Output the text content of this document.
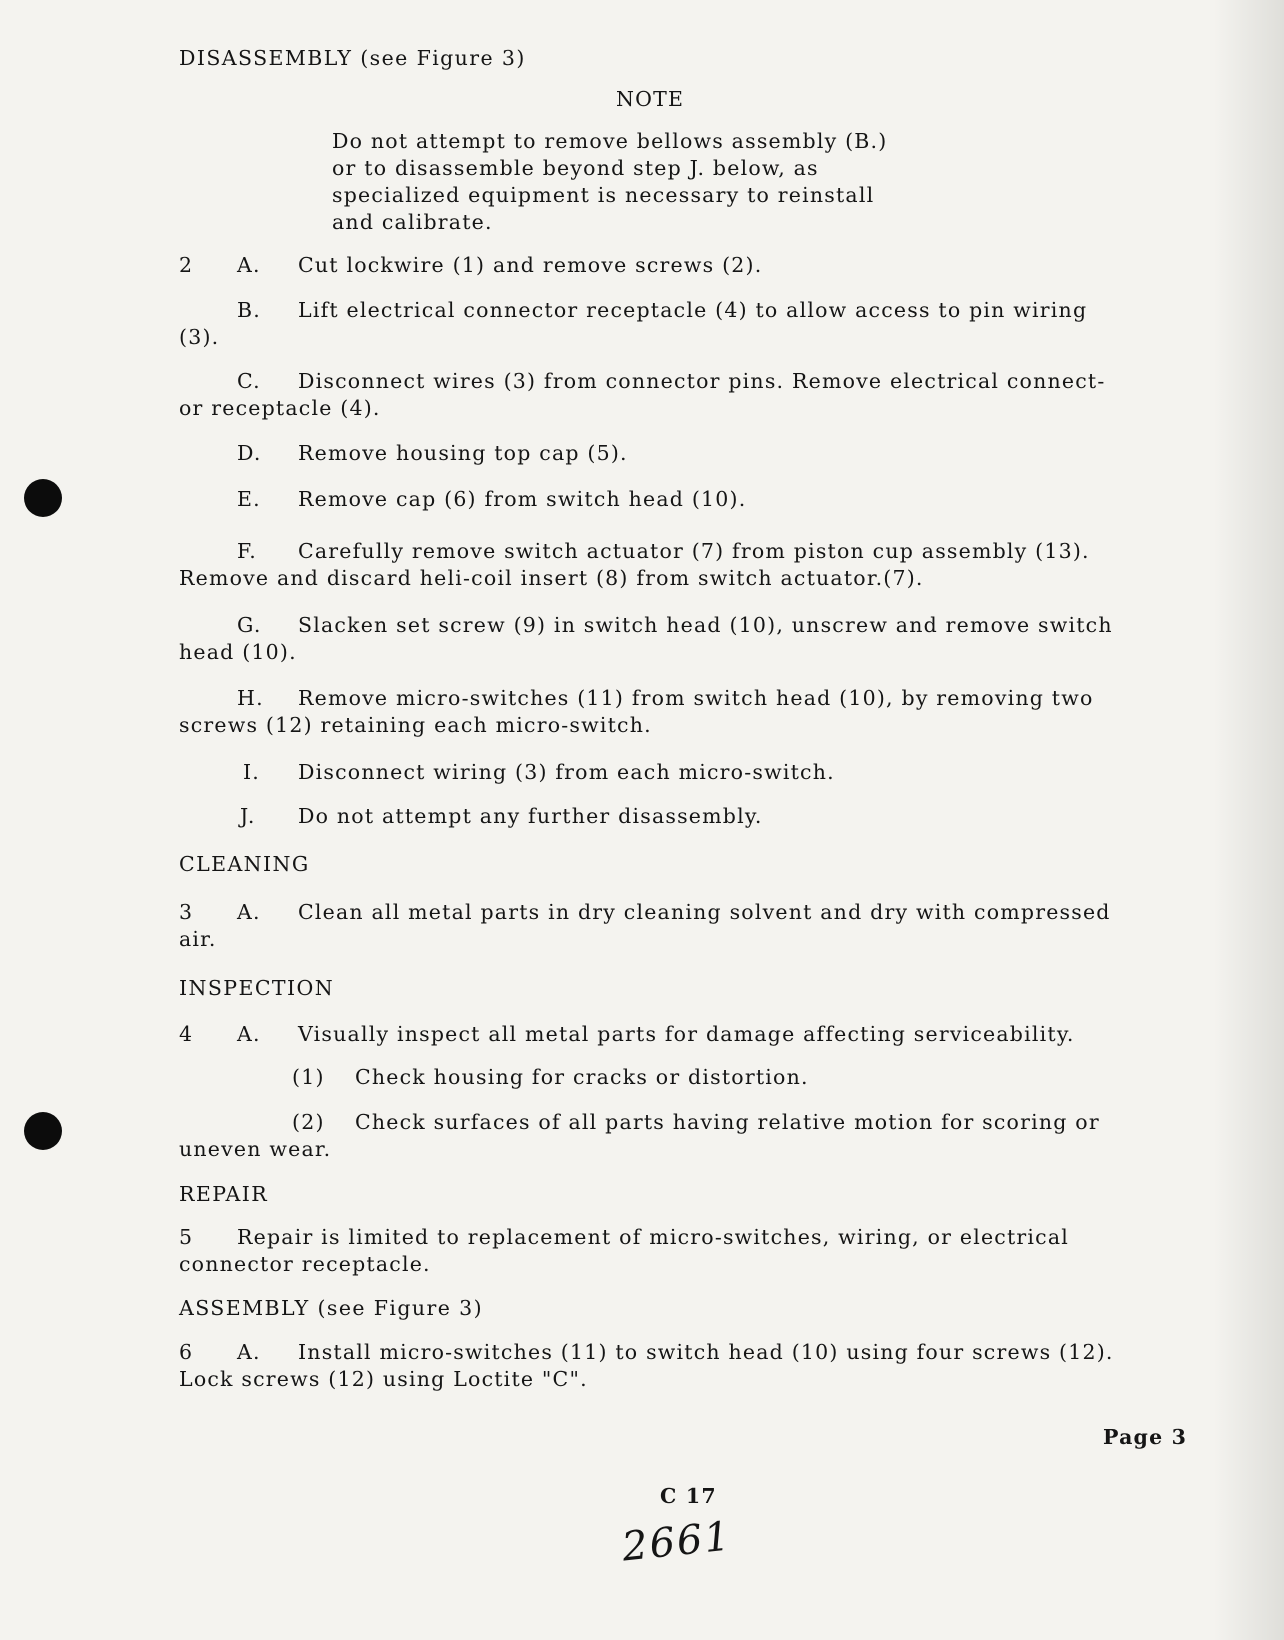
DISASSEMBLY (see Figure 3)
NOTE
Do not attempt to remove bellows assembly (B.)
or to disassemble beyond step J. below, as
specialized equipment is necessary to reinstall
and calibrate.
2 A. Cut lockwire (1) and remove screws (2).
B. Lift electrical connector receptacle (4) to allow access to pin wiring
(3).
C. Disconnect wires (3) from connector pins. Remove electrical connect-
or receptacle (4).
D. Remove housing top cap (5).
E. Remove cap (6) from switch head (10).
F. Carefully remove switch actuator (7) from piston cup assembly (13).
Remove and discard heli-coil insert (8) from switch actuator.(7).
G. Slacken set screw (9) in switch head (10), unscrew and remove switch
head (10).
H. Remove micro-switches (11) from switch head (10), by removing two
screws (12) retaining each micro-switch.
I. Disconnect wiring (3) from each micro-switch.
J. Do not attempt any further disassembly.
CLEANING
3 A. Clean all metal parts in dry cleaning solvent and dry with compressed
air.
INSPECTION
4 A. Visually inspect all metal parts for damage affecting serviceability.
(1) Check housing for cracks or distortion.
(2) Check surfaces of all parts having relative motion for scoring or
uneven wear.
REPAIR
5 Repair is limited to replacement of micro-switches, wiring, or electrical
connector receptacle.
ASSEMBLY (see Figure 3)
6 A. Install micro-switches (11) to switch head (10) using four screws (12).
Lock screws (12) using Loctite "C".
Page 3
C 17
2661
